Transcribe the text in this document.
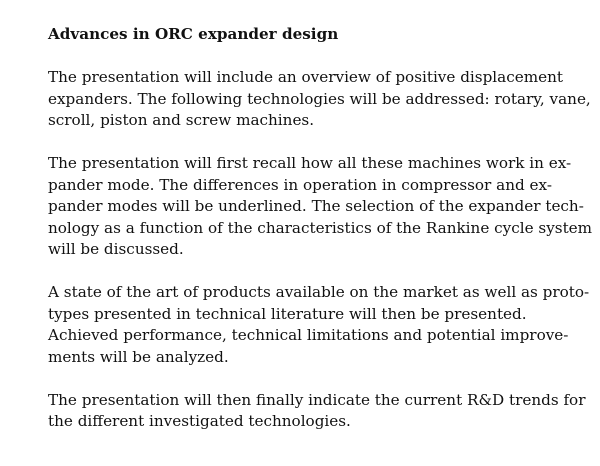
Advances in ORC expander design
The presentation will include an overview of positive displacement
expanders. The following technologies will be addressed: rotary, vane,
scroll, piston and screw machines.
The presentation will first recall how all these machines work in ex-
pander mode. The differences in operation in compressor and ex-
pander modes will be underlined. The selection of the expander tech-
nology as a function of the characteristics of the Rankine cycle system
will be discussed.
A state of the art of products available on the market as well as proto-
types presented in technical literature will then be presented.
Achieved performance, technical limitations and potential improve-
ments will be analyzed.
The presentation will then finally indicate the current R&D trends for
the different investigated technologies.
